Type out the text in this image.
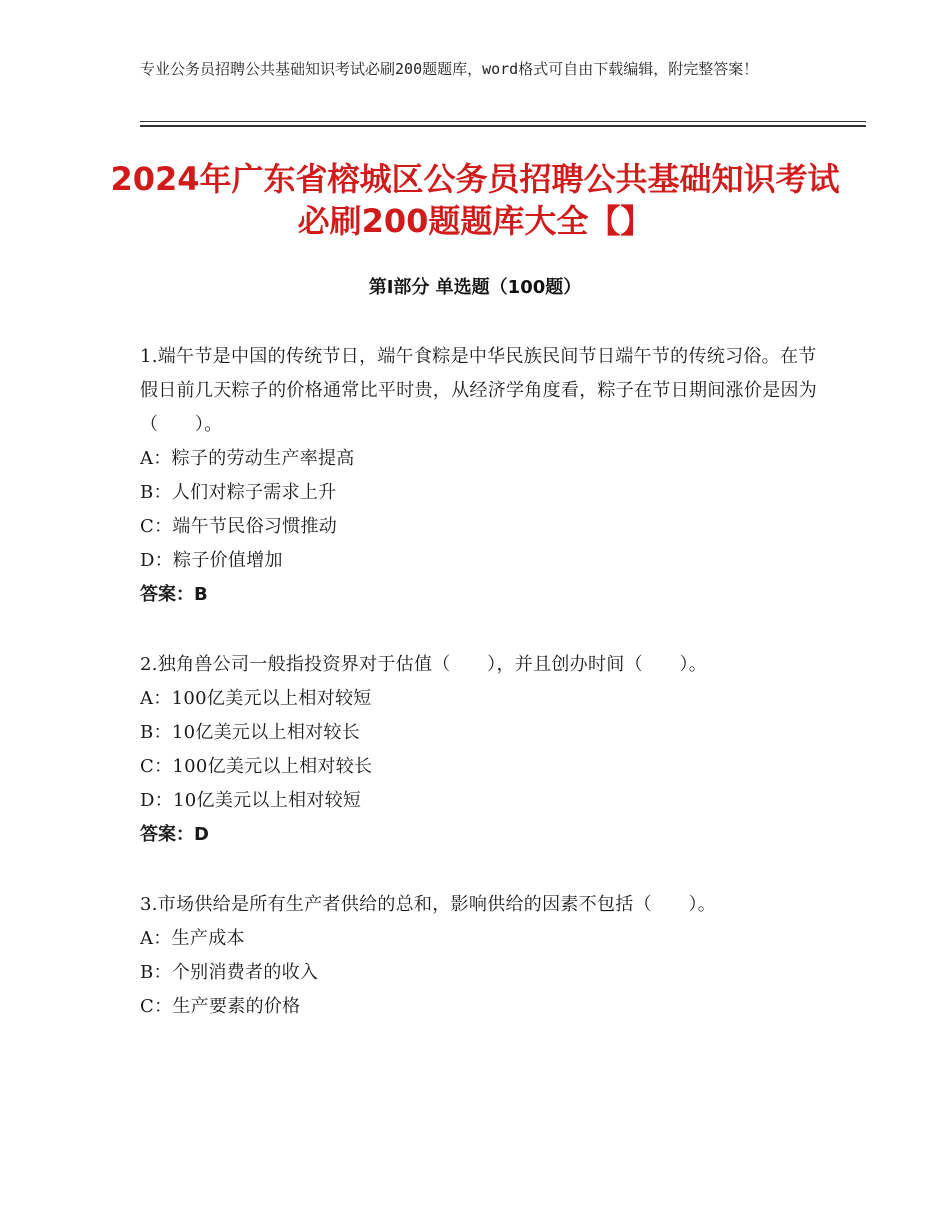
专业公务员招聘公共基础知识考试必刷200题题库，word格式可自由下载编辑，附完整答案！
2024年广东省榕城区公务员招聘公共基础知识考试必刷200题题库大全【】
第Ⅰ部分 单选题（100题）

1.端午节是中国的传统节日，端午食粽是中华民族民间节日端午节的传统习俗。在节假日前几天粽子的价格通常比平时贵，从经济学角度看，粽子在节日期间涨价是因为（　　）。

A：粽子的劳动生产率提高

B：人们对粽子需求上升

C：端午节民俗习惯推动

D：粽子价值增加

答案：B

2.独角兽公司一般指投资界对于估值（　　），并且创办时间（　　）。

A：100亿美元以上相对较短

B：10亿美元以上相对较长

C：100亿美元以上相对较长

D：10亿美元以上相对较短

答案：D

3.市场供给是所有生产者供给的总和，影响供给的因素不包括（　　）。

A：生产成本

B：个别消费者的收入

C：生产要素的价格
